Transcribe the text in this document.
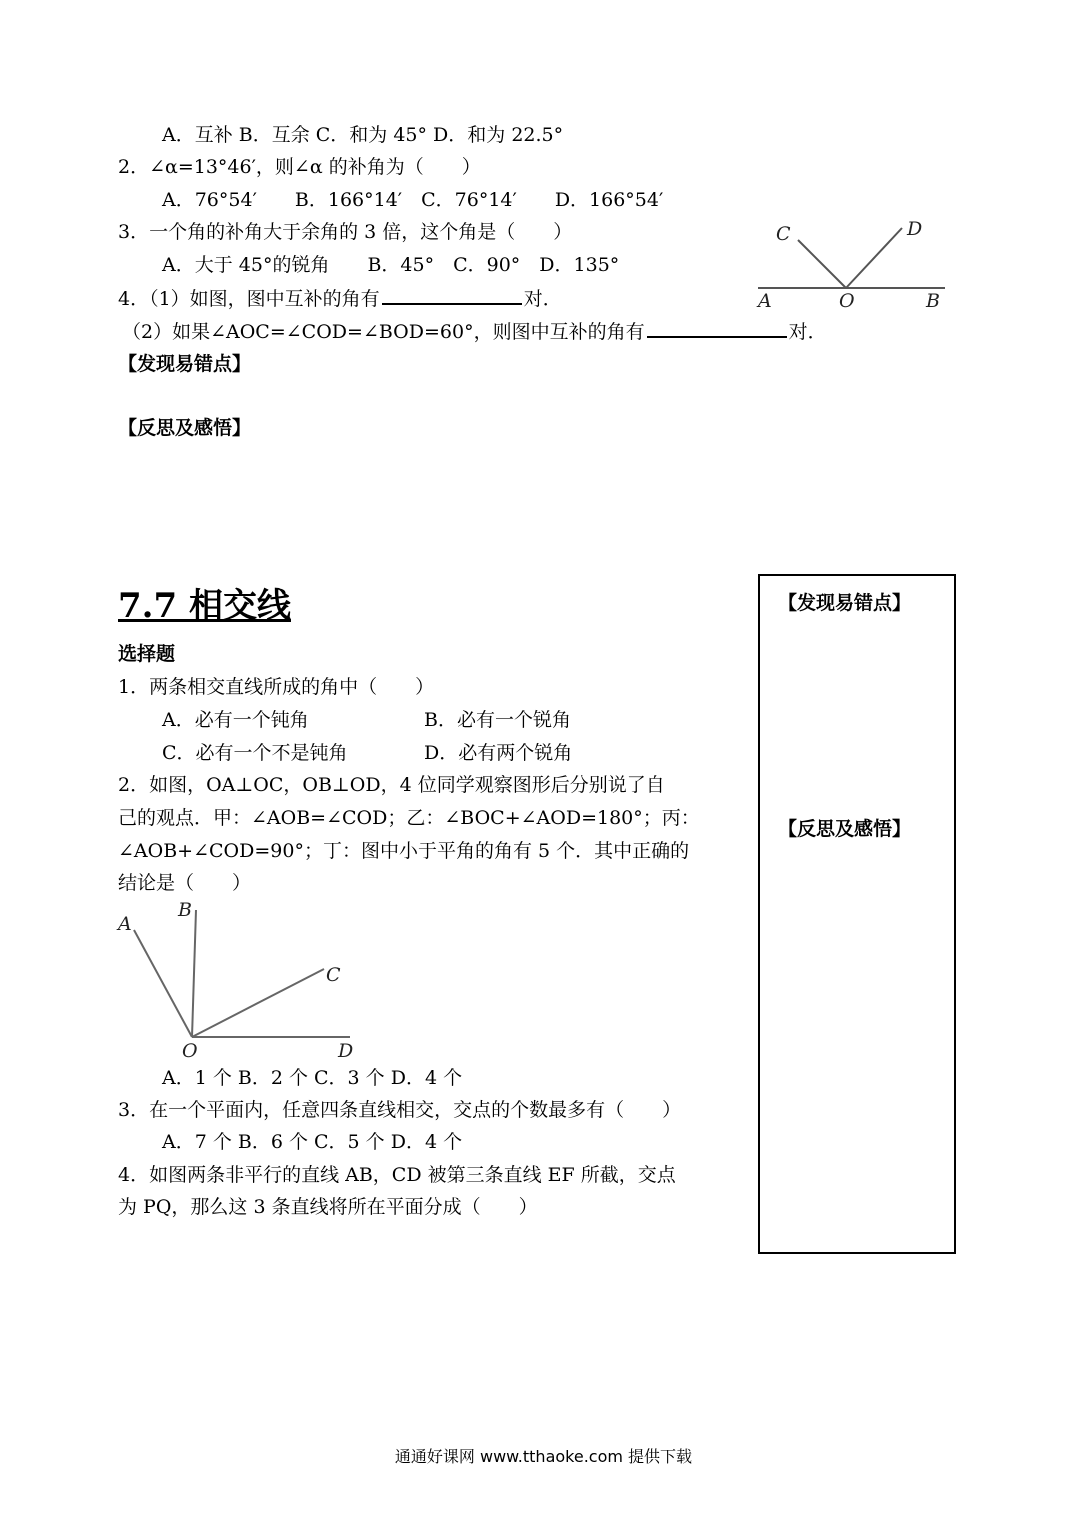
A．互补 B．互余 C．和为 45° D．和为 22.5°
2．∠α=13°46′，则∠α 的补角为（　　）
A．76°54′　　B．166°14′　C．76°14′　　D．166°54′
3．一个角的补角大于余角的 3 倍，这个角是（　　）
A．大于 45°的锐角　　B．45°　C．90°　D．135°
4．（1）如图，图中互补的角有	对．
（2）如果∠AOC=∠COD=∠BOD=60°，则图中互补的角有	对．
【发现易错点】
【反思及感悟】
C	D
A	O	B
7.7 相交线
选择题
1．两条相交直线所成的角中（　　）
A．必有一个钝角	B．必有一个锐角
C．必有一个不是钝角	D．必有两个锐角
2．如图，OA⊥OC，OB⊥OD，4 位同学观察图形后分别说了自
己的观点．甲：∠AOB=∠COD；乙：∠BOC+∠AOD=180°；丙：
∠AOB+∠COD=90°；丁：图中小于平角的角有 5 个．其中正确的
结论是（　　）
A
B
C
O	D
A．1 个 B．2 个 C．3 个 D．4 个
3．在一个平面内，任意四条直线相交，交点的个数最多有（　　）
A．7 个 B．6 个 C．5 个 D．4 个
4．如图两条非平行的直线 AB，CD 被第三条直线 EF 所截，交点
为 PQ，那么这 3 条直线将所在平面分成（　　）
【发现易错点】
【反思及感悟】
通通好课网 www.tthaoke.com 提供下载
